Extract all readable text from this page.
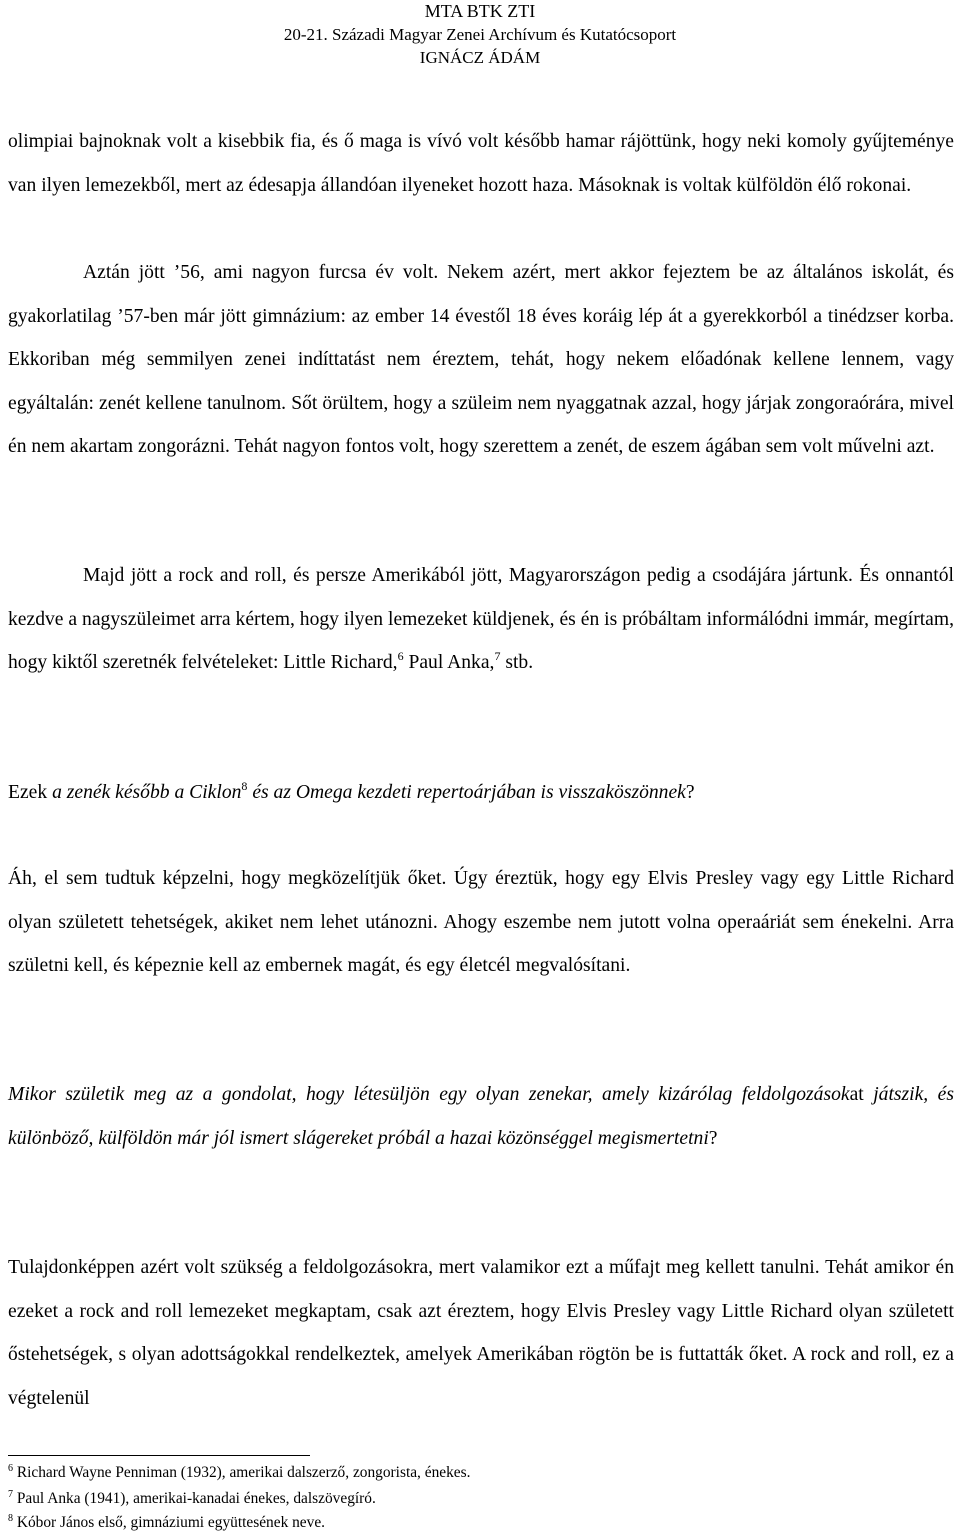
MTA BTK ZTI
20-21. Századi Magyar Zenei Archívum és Kutatócsoport
IGNÁCZ ÁDÁM

olimpiai bajnoknak volt a kisebbik fia, és ő maga is vívó volt később hamar rájöttünk, hogy neki komoly gyűjteménye van ilyen lemezekből, mert az édesapja állandóan ilyeneket hozott haza. Másoknak is voltak külföldön élő rokonai.

Aztán jött ’56, ami nagyon furcsa év volt. Nekem azért, mert akkor fejeztem be az általános iskolát, és gyakorlatilag ’57-ben már jött gimnázium: az ember 14 évestől 18 éves koráig lép át a gyerekkorból a tinédzser korba. Ekkoriban még semmilyen zenei indíttatást nem éreztem, tehát, hogy nekem előadónak kellene lennem, vagy egyáltalán: zenét kellene tanulnom. Sőt örültem, hogy a szüleim nem nyaggatnak azzal, hogy járjak zongoraórára, mivel én nem akartam zongorázni. Tehát nagyon fontos volt, hogy szerettem a zenét, de eszem ágában sem volt művelni azt.

Majd jött a rock and roll, és persze Amerikából jött, Magyarországon pedig a csodájára jártunk. És onnantól kezdve a nagyszüleimet arra kértem, hogy ilyen lemezeket küldjenek, és én is próbáltam informálódni immár, megírtam, hogy kiktől szeretnék felvételeket: Little Richard,$^6$ Paul Anka,$^7$ stb.

Ezek a zenék később a Ciklon$^8$ és az Omega kezdeti repertoárjában is visszaköszönnek?

Áh, el sem tudtuk képzelni, hogy megközelítjük őket. Úgy éreztük, hogy egy Elvis Presley vagy egy Little Richard olyan született tehetségek, akiket nem lehet utánozni. Ahogy eszembe nem jutott volna operaáriát sem énekelni. Arra születni kell, és képeznie kell az embernek magát, és egy életcél megvalósítani.

Mikor születik meg az a gondolat, hogy létesüljön egy olyan zenekar, amely kizárólag feldolgozásokat játszik, és különböző, külföldön már jól ismert slágereket próbál a hazai közönséggel megismertetni?

Tulajdonképpen azért volt szükség a feldolgozásokra, mert valamikor ezt a műfajt meg kellett tanulni. Tehát amikor én ezeket a rock and roll lemezeket megkaptam, csak azt éreztem, hogy Elvis Presley vagy Little Richard olyan született őstehetségek, s olyan adottságokkal rendelkeztek, amelyek Amerikában rögtön be is futtatták őket. A rock and roll, ez a végtelenül

$^6$ Richard Wayne Penniman (1932), amerikai dalszerző, zongorista, énekes.
$^7$ Paul Anka (1941), amerikai-kanadai énekes, dalszövegíró.
$^8$ Kóbor János első, gimnáziumi együttesének neve.
